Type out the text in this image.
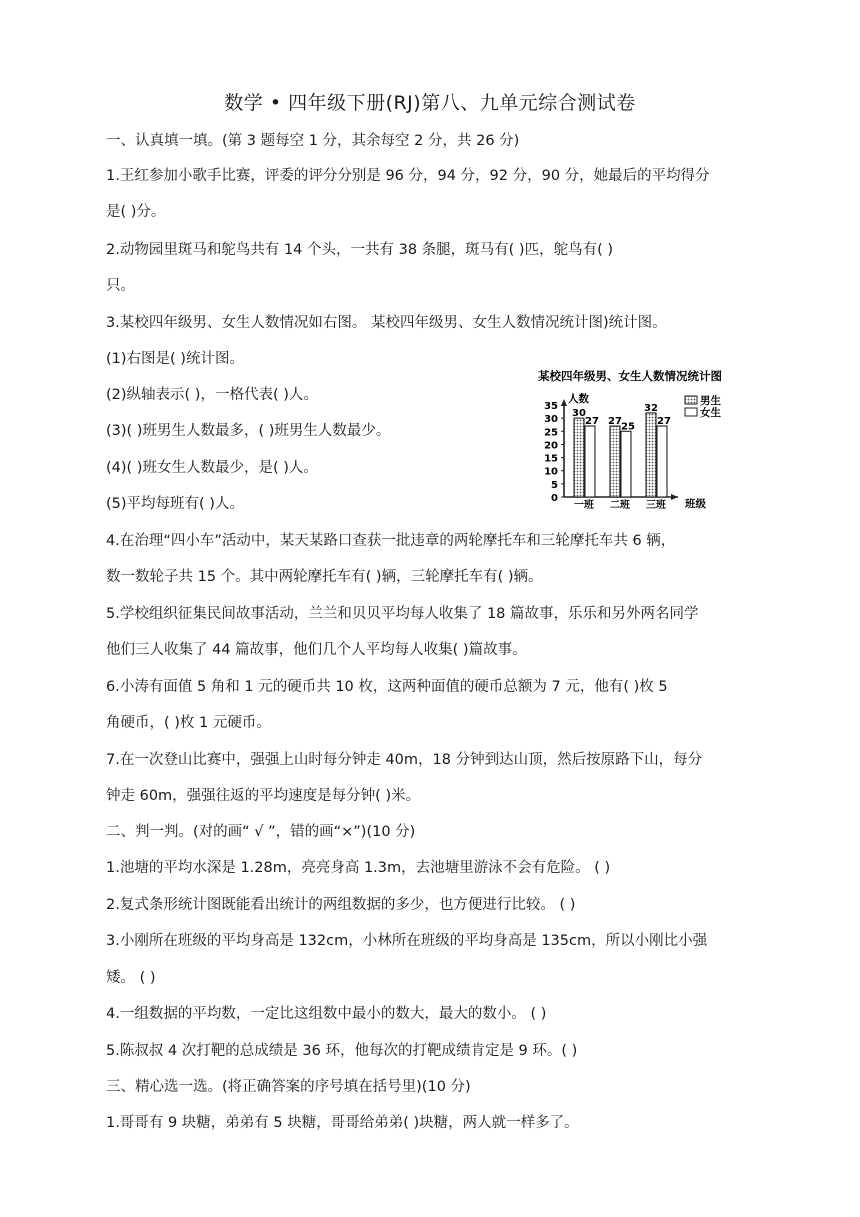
数学 • 四年级下册(RJ)第八、九单元综合测试卷
一、认真填一填。(第 3 题每空 1 分，其余每空 2 分，共 26 分)
1.王红参加小歌手比赛，评委的评分分别是 96 分，94 分，92 分，90 分，她最后的平均得分
是( )分。
2.动物园里斑马和鸵鸟共有 14 个头，一共有 38 条腿，斑马有( )匹，鸵鸟有( )
只。
3.某校四年级男、女生人数情况如右图。 某校四年级男、女生人数情况统计图)统计图。
(1)右图是( )统计图。
(2)纵轴表示( )，一格代表( )人。
(3)( )班男生人数最多，( )班男生人数最少。
(4)( )班女生人数最少，是( )人。
(5)平均每班有( )人。
4.在治理“四小车”活动中，某天某路口查获一批违章的两轮摩托车和三轮摩托车共 6 辆，
数一数轮子共 15 个。其中两轮摩托车有( )辆，三轮摩托车有( )辆。
5.学校组织征集民间故事活动，兰兰和贝贝平均每人收集了 18 篇故事，乐乐和另外两名同学
他们三人收集了 44 篇故事，他们几个人平均每人收集( )篇故事。
6.小涛有面值 5 角和 1 元的硬币共 10 枚，这两种面值的硬币总额为 7 元，他有( )枚 5
角硬币，( )枚 1 元硬币。
7.在一次登山比赛中，强强上山时每分钟走 40m，18 分钟到达山顶，然后按原路下山，每分
钟走 60m，强强往返的平均速度是每分钟( )米。
二、判一判。(对的画“ √ ”，错的画“×”)(10 分)
1.池塘的平均水深是 1.28m，亮亮身高 1.3m，去池塘里游泳不会有危险。 ( )
2.复式条形统计图既能看出统计的两组数据的多少，也方便进行比较。 ( )
3.小刚所在班级的平均身高是 132cm，小林所在班级的平均身高是 135cm，所以小刚比小强
矮。 ( )
4.一组数据的平均数，一定比这组数中最小的数大，最大的数小。 ( )
5.陈叔叔 4 次打靶的总成绩是 36 环，他每次的打靶成绩肯定是 9 环。( )
三、精心选一选。(将正确答案的序号填在括号里)(10 分)
1.哥哥有 9 块糖，弟弟有 5 块糖，哥哥给弟弟( )块糖，两人就一样多了。
某校四年级男、女生人数情况统计图
人数
班级
0
5
10
15
20
25
30
35
30
27
一班
27 25
二班
32
27
三班
男生
女生
